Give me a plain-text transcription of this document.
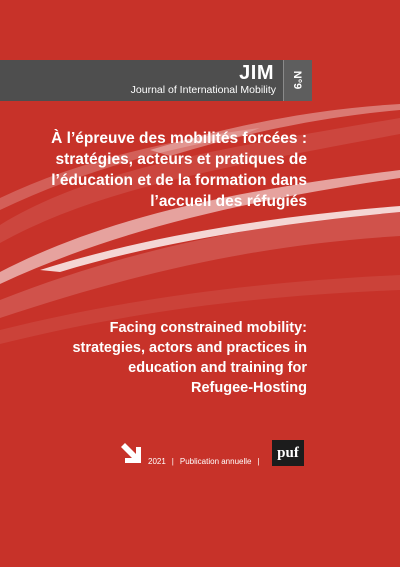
JIM
Journal of International Mobility
N°9
À l’épreuve des mobilités forcées :
stratégies, acteurs et pratiques de
l’éducation et de la formation dans
l’accueil des réfugiés
Facing constrained mobility:
strategies, actors and practices in
education and training for
Refugee-Hosting
2021 | Publication annuelle |
puf
